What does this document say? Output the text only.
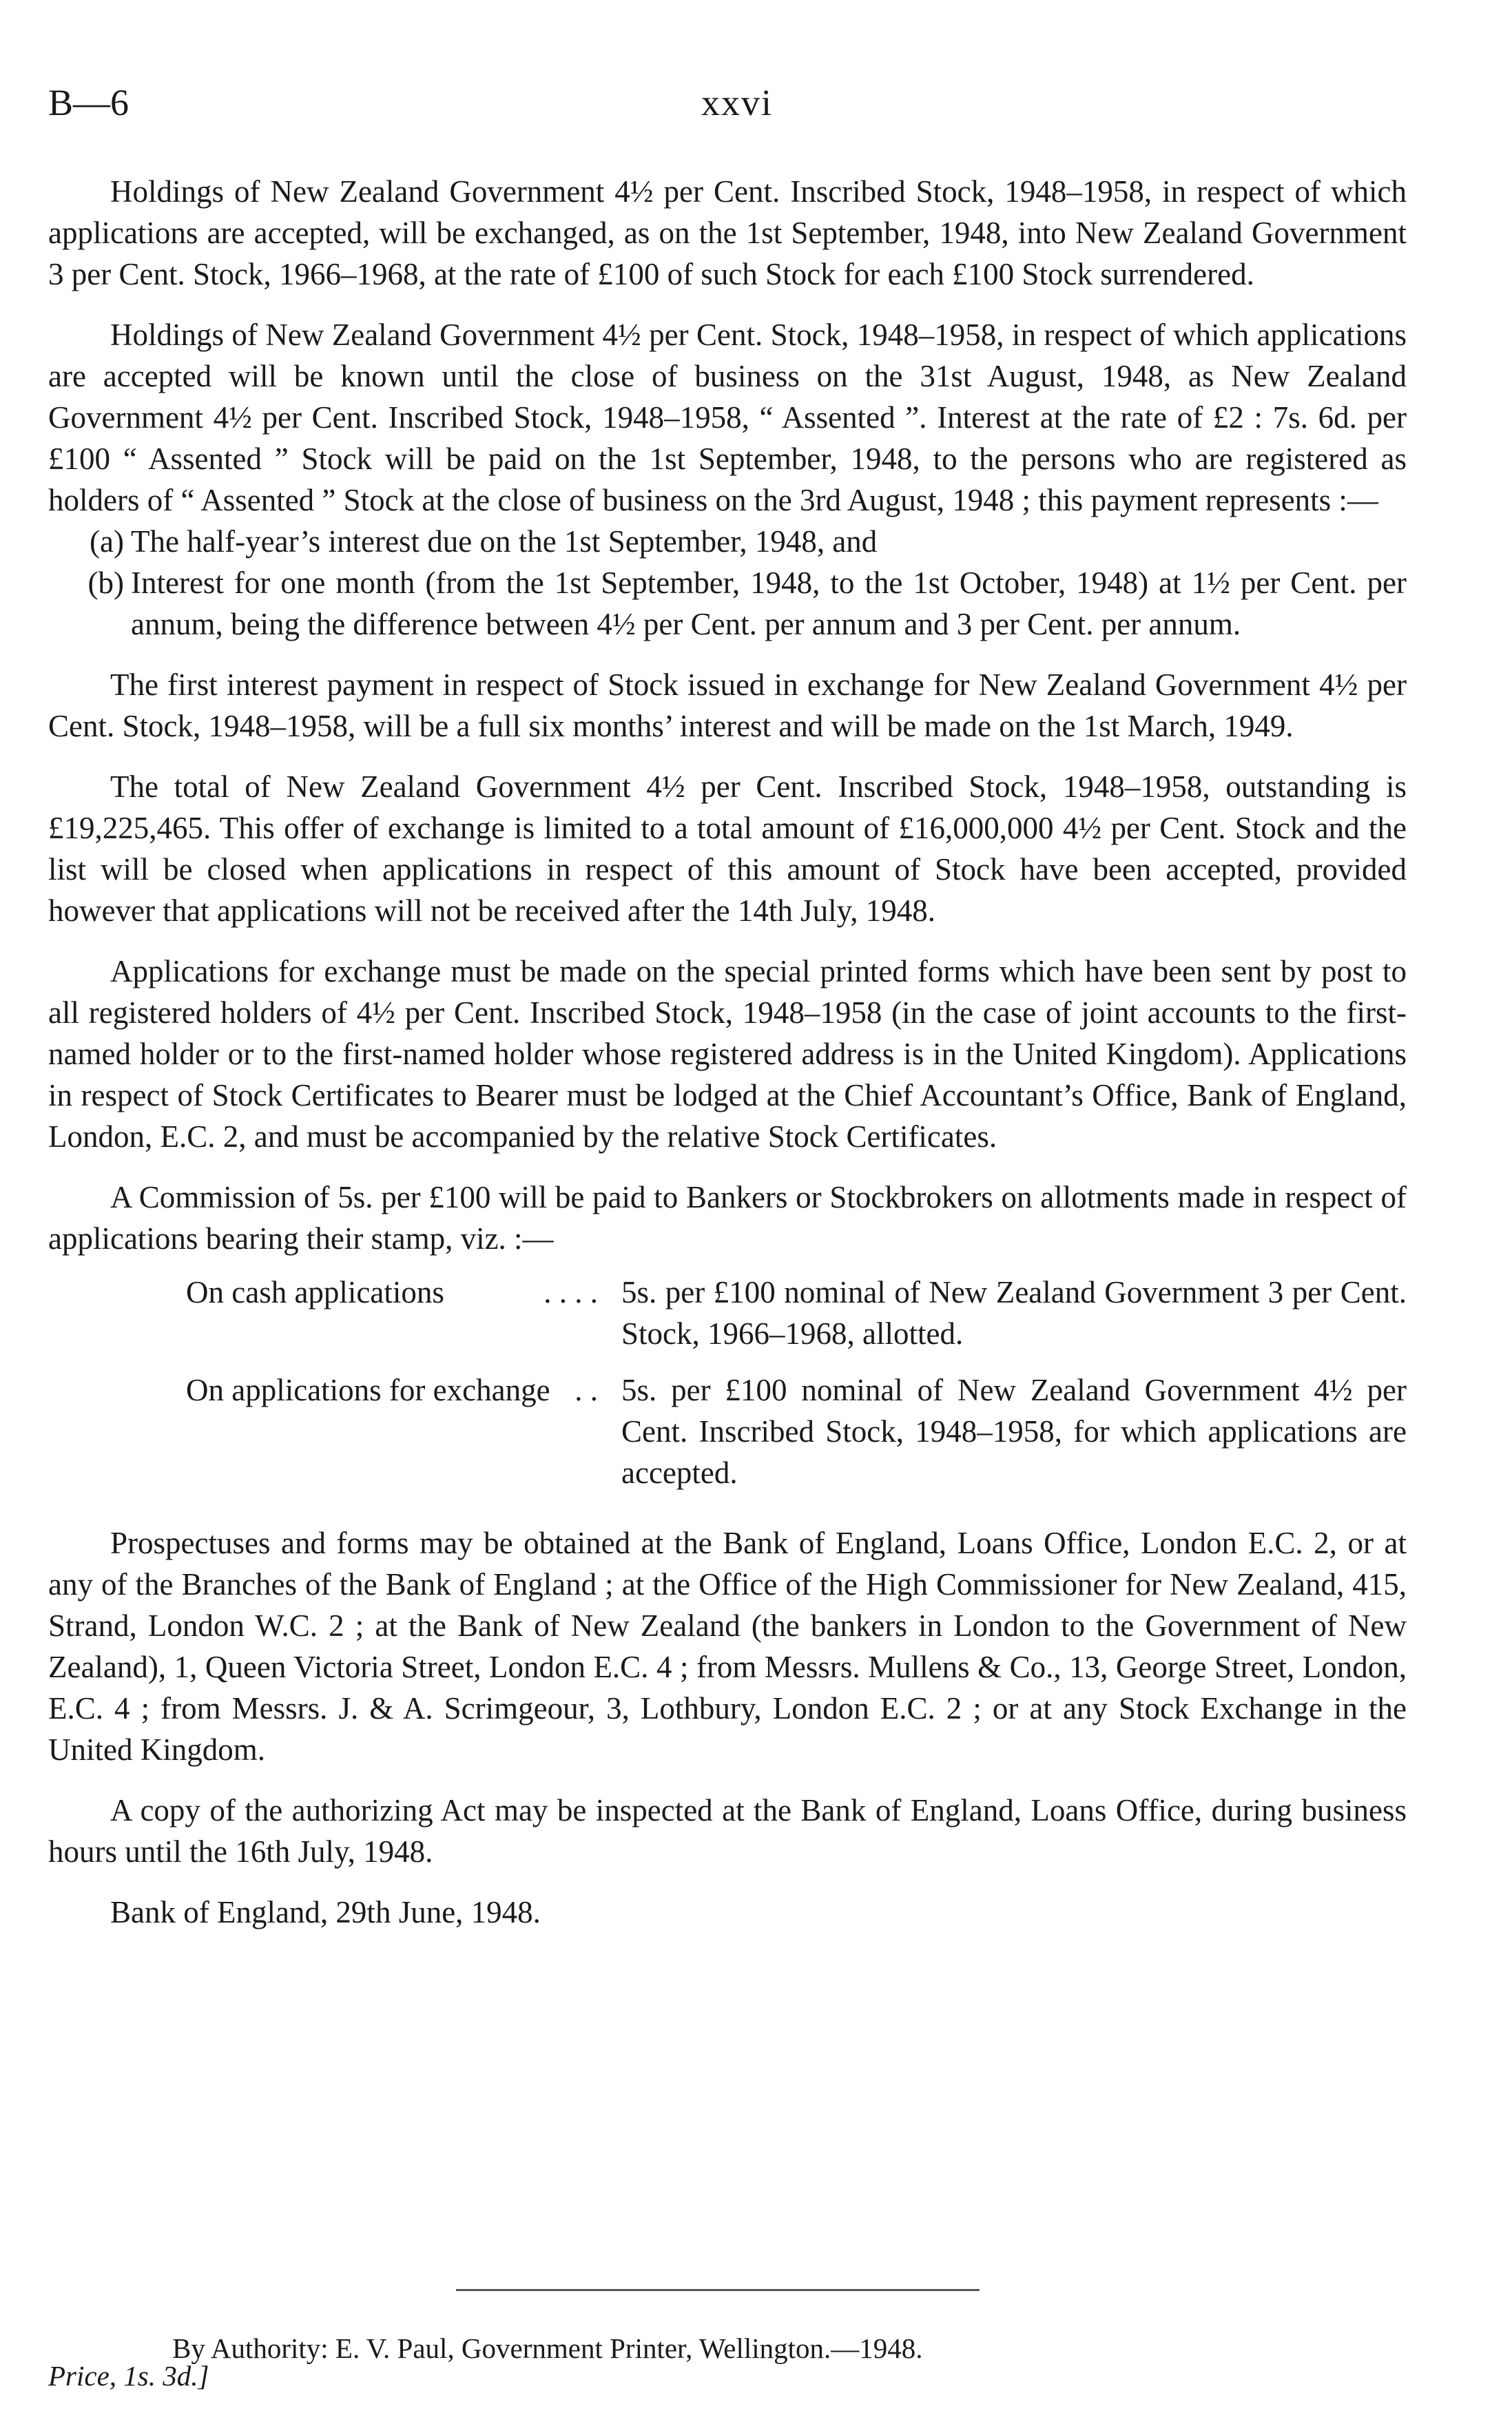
B—6	xxvi

Holdings of New Zealand Government 4½ per Cent. Inscribed Stock, 1948–1958, in respect of which applications are accepted, will be exchanged, as on the 1st September, 1948, into New Zealand Government 3 per Cent. Stock, 1966–1968, at the rate of £100 of such Stock for each £100 Stock surrendered.

Holdings of New Zealand Government 4½ per Cent. Stock, 1948–1958, in respect of which applications are accepted will be known until the close of business on the 31st August, 1948, as New Zealand Government 4½ per Cent. Inscribed Stock, 1948–1958, “ Assented ”. Interest at the rate of £2 : 7s. 6d. per £100 “ Assented ” Stock will be paid on the 1st September, 1948, to the persons who are registered as holders of “ Assented ” Stock at the close of business on the 3rd August, 1948 ; this payment represents :—

(a) The half-year’s interest due on the 1st September, 1948, and
(b) Interest for one month (from the 1st September, 1948, to the 1st October, 1948) at 1½ per Cent. per annum, being the difference between 4½ per Cent. per annum and 3 per Cent. per annum.

The first interest payment in respect of Stock issued in exchange for New Zealand Government 4½ per Cent. Stock, 1948–1958, will be a full six months’ interest and will be made on the 1st March, 1949.

The total of New Zealand Government 4½ per Cent. Inscribed Stock, 1948–1958, outstanding is £19,225,465. This offer of exchange is limited to a total amount of £16,000,000 4½ per Cent. Stock and the list will be closed when applications in respect of this amount of Stock have been accepted, provided however that applications will not be received after the 14th July, 1948.

Applications for exchange must be made on the special printed forms which have been sent by post to all registered holders of 4½ per Cent. Inscribed Stock, 1948–1958 (in the case of joint accounts to the first-named holder or to the first-named holder whose registered address is in the United Kingdom). Applications in respect of Stock Certificates to Bearer must be lodged at the Chief Accountant’s Office, Bank of England, London, E.C. 2, and must be accompanied by the relative Stock Certificates.

A Commission of 5s. per £100 will be paid to Bankers or Stockbrokers on allotments made in respect of applications bearing their stamp, viz. :—

On cash applications	. . . . 5s. per £100 nominal of New Zealand Government 3 per Cent. Stock, 1966–1968, allotted.
On applications for exchange . . 5s. per £100 nominal of New Zealand Government 4½ per Cent. Inscribed Stock, 1948–1958, for which applications are accepted.

Prospectuses and forms may be obtained at the Bank of England, Loans Office, London E.C. 2, or at any of the Branches of the Bank of England ; at the Office of the High Commissioner for New Zealand, 415, Strand, London W.C. 2 ; at the Bank of New Zealand (the bankers in London to the Government of New Zealand), 1, Queen Victoria Street, London E.C. 4 ; from Messrs. Mullens & Co., 13, George Street, London, E.C. 4 ; from Messrs. J. & A. Scrimgeour, 3, Lothbury, London E.C. 2 ; or at any Stock Exchange in the United Kingdom.

A copy of the authorizing Act may be inspected at the Bank of England, Loans Office, during business hours until the 16th July, 1948.

Bank of England, 29th June, 1948.

By Authority: E. V. Paul, Government Printer, Wellington.—1948.
Price, 1s. 3d.]
